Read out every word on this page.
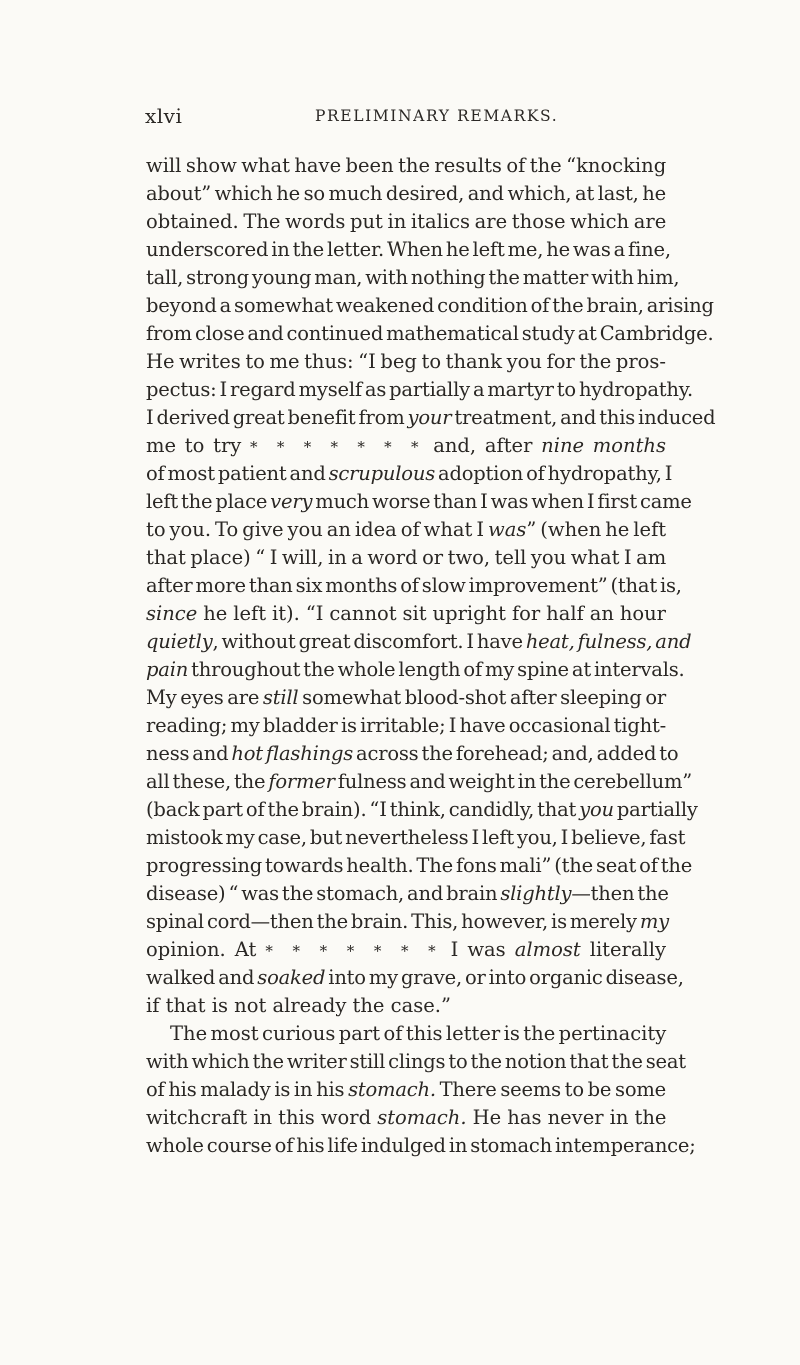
xlvi	PRELIMINARY REMARKS.
will show what have been the results of the “knocking
about” which he so much desired, and which, at last, he
obtained. The words put in italics are those which are
underscored in the letter. When he left me, he was a fine,
tall, strong young man, with nothing the matter with him,
beyond a somewhat weakened condition of the brain, arising
from close and continued mathematical study at Cambridge.
He writes to me thus: “I beg to thank you for the pros-
pectus: I regard myself as partially a martyr to hydropathy.
I derived great benefit from your treatment, and this induced
me to try * * * * * * * and, after nine months
of most patient and scrupulous adoption of hydropathy, I
left the place very much worse than I was when I first came
to you. To give you an idea of what I was” (when he left
that place) “ I will, in a word or two, tell you what I am
after more than six months of slow improvement” (that is,
since he left it). “I cannot sit upright for half an hour
quietly, without great discomfort. I have heat, fulness, and
pain throughout the whole length of my spine at intervals.
My eyes are still somewhat blood-shot after sleeping or
reading; my bladder is irritable; I have occasional tight-
ness and hot flashings across the forehead; and, added to
all these, the former fulness and weight in the cerebellum”
(back part of the brain). “I think, candidly, that you partially
mistook my case, but nevertheless I left you, I believe, fast
progressing towards health. The fons mali” (the seat of the
disease) “ was the stomach, and brain slightly—then the
spinal cord—then the brain. This, however, is merely my
opinion. At * * * * * * * I was almost literally
walked and soaked into my grave, or into organic disease,
if that is not already the case.”
The most curious part of this letter is the pertinacity
with which the writer still clings to the notion that the seat
of his malady is in his stomach. There seems to be some
witchcraft in this word stomach. He has never in the
whole course of his life indulged in stomach intemperance;
